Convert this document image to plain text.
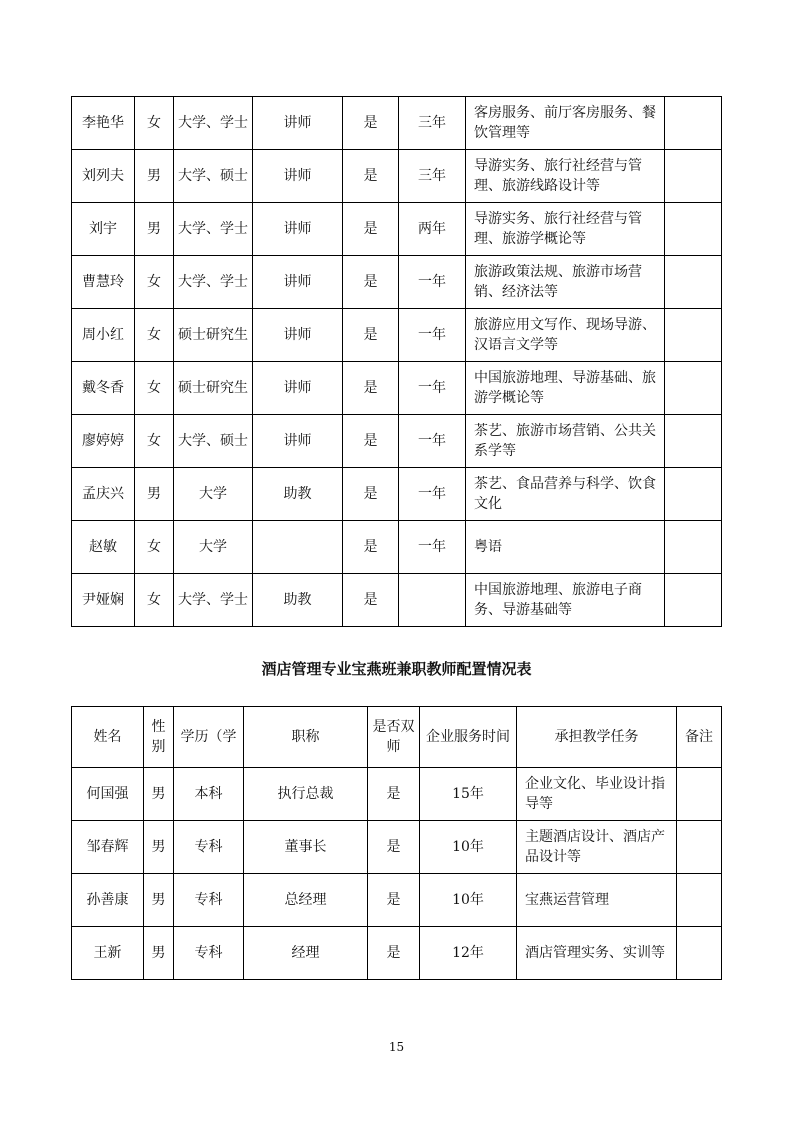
李艳华	女	大学、学士	讲师	是	三年	客房服务、前厅客房服务、餐饮管理等	
刘列夫	男	大学、硕士	讲师	是	三年	导游实务、旅行社经营与管理、旅游线路设计等	
刘宇	男	大学、学士	讲师	是	两年	导游实务、旅行社经营与管理、旅游学概论等	
曹慧玲	女	大学、学士	讲师	是	一年	旅游政策法规、旅游市场营销、经济法等	
周小红	女	硕士研究生	讲师	是	一年	旅游应用文写作、现场导游、汉语言文学等	
戴冬香	女	硕士研究生	讲师	是	一年	中国旅游地理、导游基础、旅游学概论等	
廖婷婷	女	大学、硕士	讲师	是	一年	茶艺、旅游市场营销、公共关系学等	
孟庆兴	男	大学	助教	是	一年	茶艺、食品营养与科学、饮食文化	
赵敏	女	大学		是	一年	粤语	
尹娅娴	女	大学、学士	助教	是		中国旅游地理、旅游电子商务、导游基础等	
酒店管理专业宝燕班兼职教师配置情况表
姓名	性别	学历（学	职称	是否双师	企业服务时间	承担教学任务	备注
何国强	男	本科	执行总裁	是	15年	企业文化、毕业设计指导等	
邹春辉	男	专科	董事长	是	10年	主题酒店设计、酒店产品设计等	
孙善康	男	专科	总经理	是	10年	宝燕运营管理	
王新	男	专科	经理	是	12年	酒店管理实务、实训等	
15
